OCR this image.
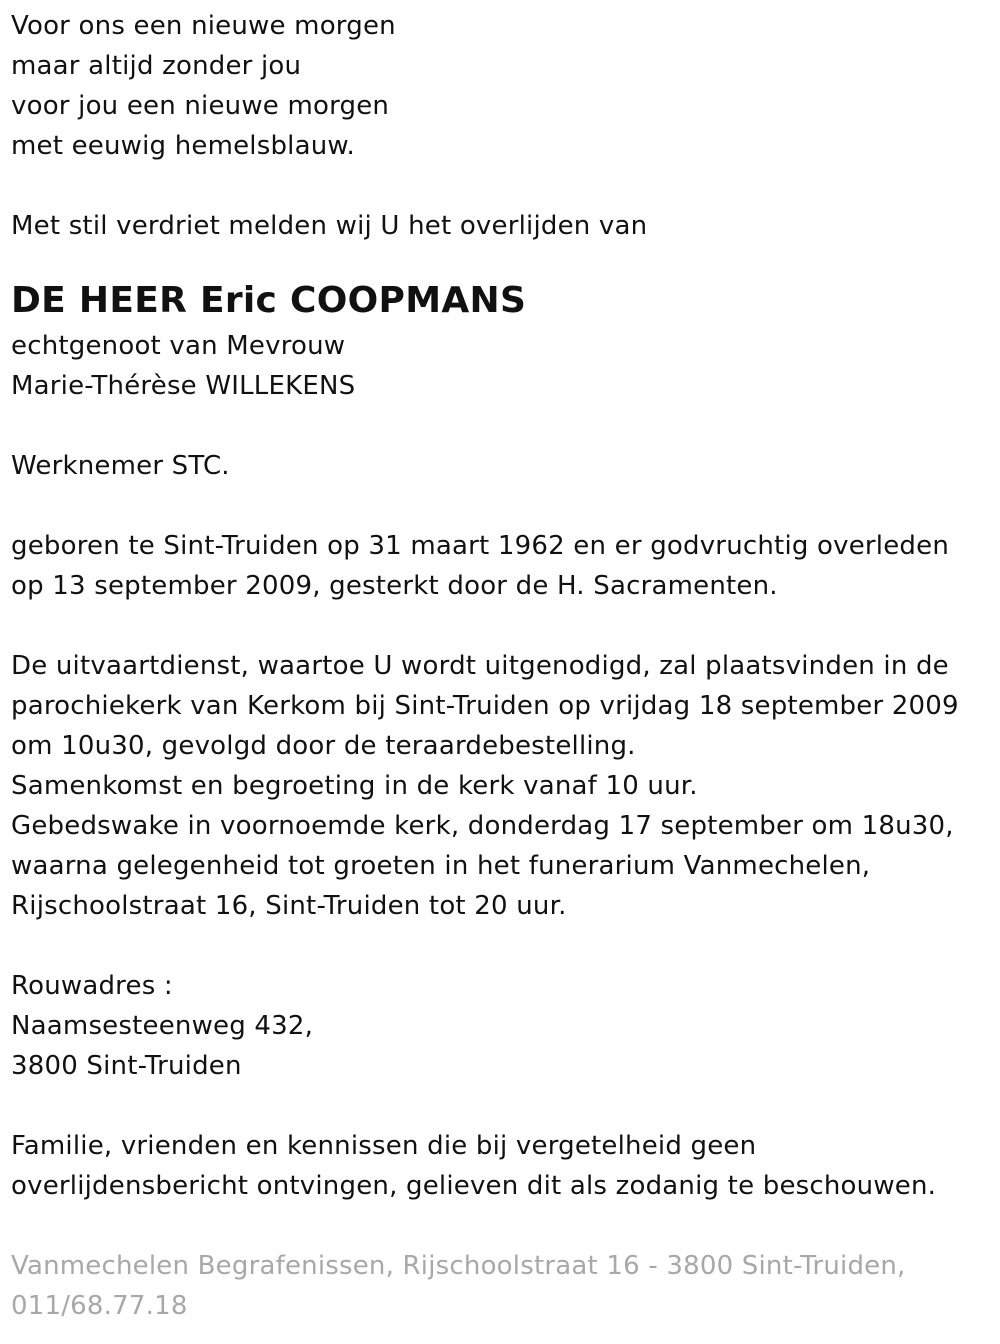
Voor ons een nieuwe morgen
maar altijd zonder jou
voor jou een nieuwe morgen
met eeuwig hemelsblauw.
Met stil verdriet melden wij U het overlijden van
DE HEER Eric COOPMANS
echtgenoot van Mevrouw
Marie-Thérèse WILLEKENS
Werknemer STC.
geboren te Sint-Truiden op 31 maart 1962 en er godvruchtig overleden
op 13 september 2009, gesterkt door de H. Sacramenten.
De uitvaartdienst, waartoe U wordt uitgenodigd, zal plaatsvinden in de
parochiekerk van Kerkom bij Sint-Truiden op vrijdag 18 september 2009
om 10u30, gevolgd door de teraardebestelling.
Samenkomst en begroeting in de kerk vanaf 10 uur.
Gebedswake in voornoemde kerk, donderdag 17 september om 18u30,
waarna gelegenheid tot groeten in het funerarium Vanmechelen,
Rijschoolstraat 16, Sint-Truiden tot 20 uur.
Rouwadres :
Naamsesteenweg 432,
3800 Sint-Truiden
Familie, vrienden en kennissen die bij vergetelheid geen
overlijdensbericht ontvingen, gelieven dit als zodanig te beschouwen.
Vanmechelen Begrafenissen, Rijschoolstraat 16 - 3800 Sint-Truiden,
011/68.77.18
